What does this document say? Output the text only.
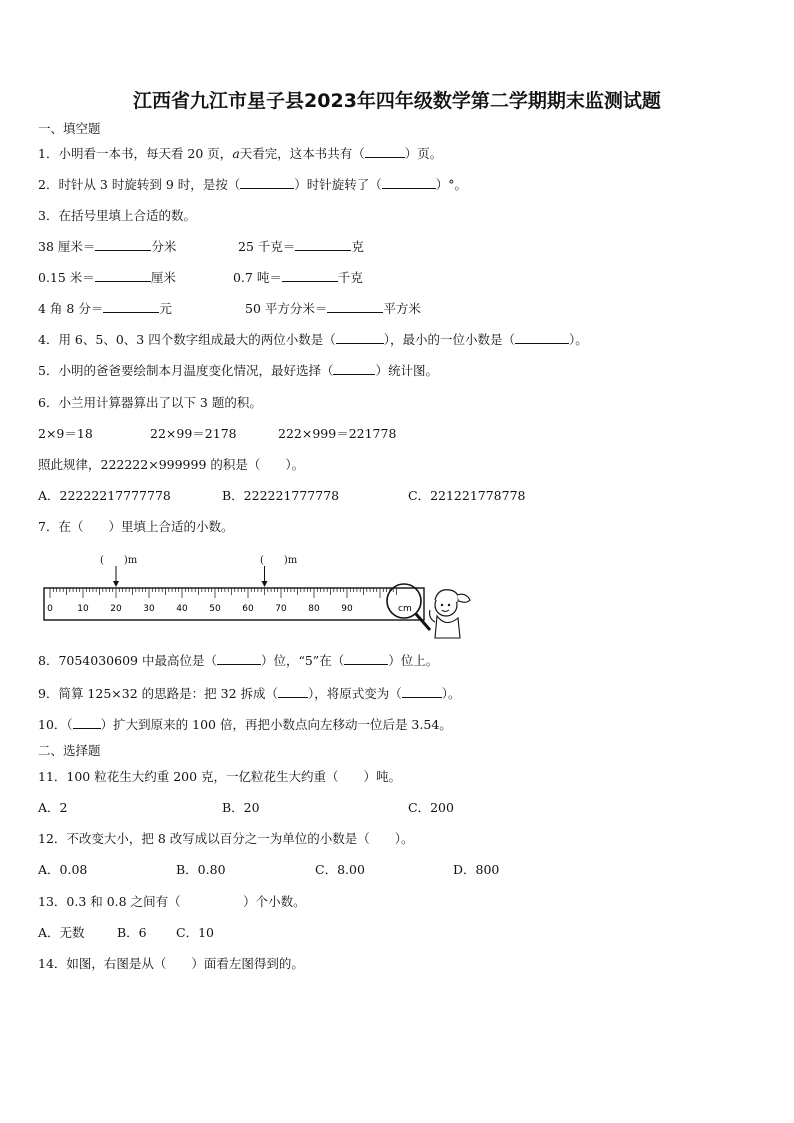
江西省九江市星子县2023年四年级数学第二学期期末监测试题
一、填空题
1．小明看一本书，每天看 20 页，a天看完，这本书共有（	）页。
2．时针从 3 时旋转到 9 时，是按（	）时针旋转了（	）°。
3．在括号里填上合适的数。
38 厘米＝	分米	25 千克＝	克
0.15 米＝	厘米	0.7 吨＝	千克
4 角 8 分＝	元	50 平方分米＝	平方米
4．用 6、5、0、3 四个数字组成最大的两位小数是（	），最小的一位小数是（	）。
5．小明的爸爸要绘制本月温度变化情况，最好选择（	）统计图。
6．小兰用计算器算出了以下 3 题的积。
2×9＝18	22×99＝2178	222×999＝221778
照此规律，222222×999999 的积是（　　）。
A．22222217777778	B．222221777778	C．221221778778
7．在（　　）里填上合适的小数。
(　　)m	(　　)m
0	10 20 30 40 50 60 70 80 90	cm
8．7054030609 中最高位是（	）位，“5”在（	）位上。
9．简算 125×32 的思路是：把 32 拆成（ ），将原式变为（	）。
10．（ ）扩大到原来的 100 倍，再把小数点向左移动一位后是 3.54。
二、选择题
11．100 粒花生大约重 200 克，一亿粒花生大约重（　　）吨。
A．2	B．20	C．200
12．不改变大小，把 8 改写成以百分之一为单位的小数是（　　）。
A．0.08	B．0.80	C．8.00	D．800
13．0.3 和 0.8 之间有（　　　　　）个小数。
A．无数	B．6 C．10
14．如图，右图是从（　　）面看左图得到的。
